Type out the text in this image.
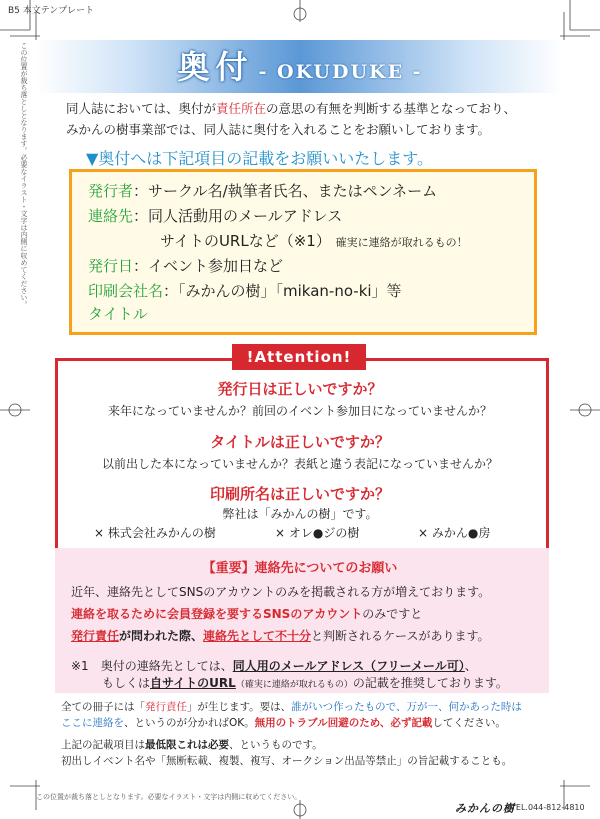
B5 本文テンプレート
この位置が裁ち落としとなります。必要なイラスト・文字は内側に収めてください。	奥付 - OKUDUKE -
同人誌においては、奥付が責任所在の意思の有無を判断する基準となっており、
みかんの樹事業部では、同人誌に奥付を入れることをお願いしております。
▼奥付へは下記項目の記載をお願いいたします。
発行者：サークル名/執筆者氏名、またはペンネーム
連絡先：同人活動用のメールアドレス
サイトのURLなど（※1） 確実に連絡が取れるもの！
発行日：イベント参加日など
印刷会社名：「みかんの樹」「mikan-no-ki」等
タイトル
!Attention!
発行日は正しいですか？
来年になっていませんか？前回のイベント参加日になっていませんか？
タイトルは正しいですか？
以前出した本になっていませんか？表紙と違う表記になっていませんか？
印刷所名は正しいですか？
弊社は「みかんの樹」です。
× 株式会社みかんの樹	× オレ●ジの樹	× みかん●房
【重要】連絡先についてのお願い
近年、連絡先としてSNSのアカウントのみを掲載される方が増えております。
連絡を取るために会員登録を要するSNSのアカウントのみですと
発行責任が問われた際、連絡先として不十分と判断されるケースがあります。
※1　奥付の連絡先としては、同人用のメールアドレス（フリーメール可）、
もしくは自サイトのURL（確実に連絡が取れるもの）の記載を推奨しております。
全ての冊子には「発行責任」が生じます。要は、誰がいつ作ったもので、万が一、何かあった時は
ここに連絡を、というのが分かればOK。無用のトラブル回避のため、必ず記載してください。
上記の記載項目は最低限これは必要、というものです。
初出しイベント名や「無断転載、複製、複写、オークション出品等禁止」の旨記載することも。
この位置が裁ち落としとなります。必要なイラスト・文字は内側に収めてください。
みかんの樹
TEL.044-812-4810
